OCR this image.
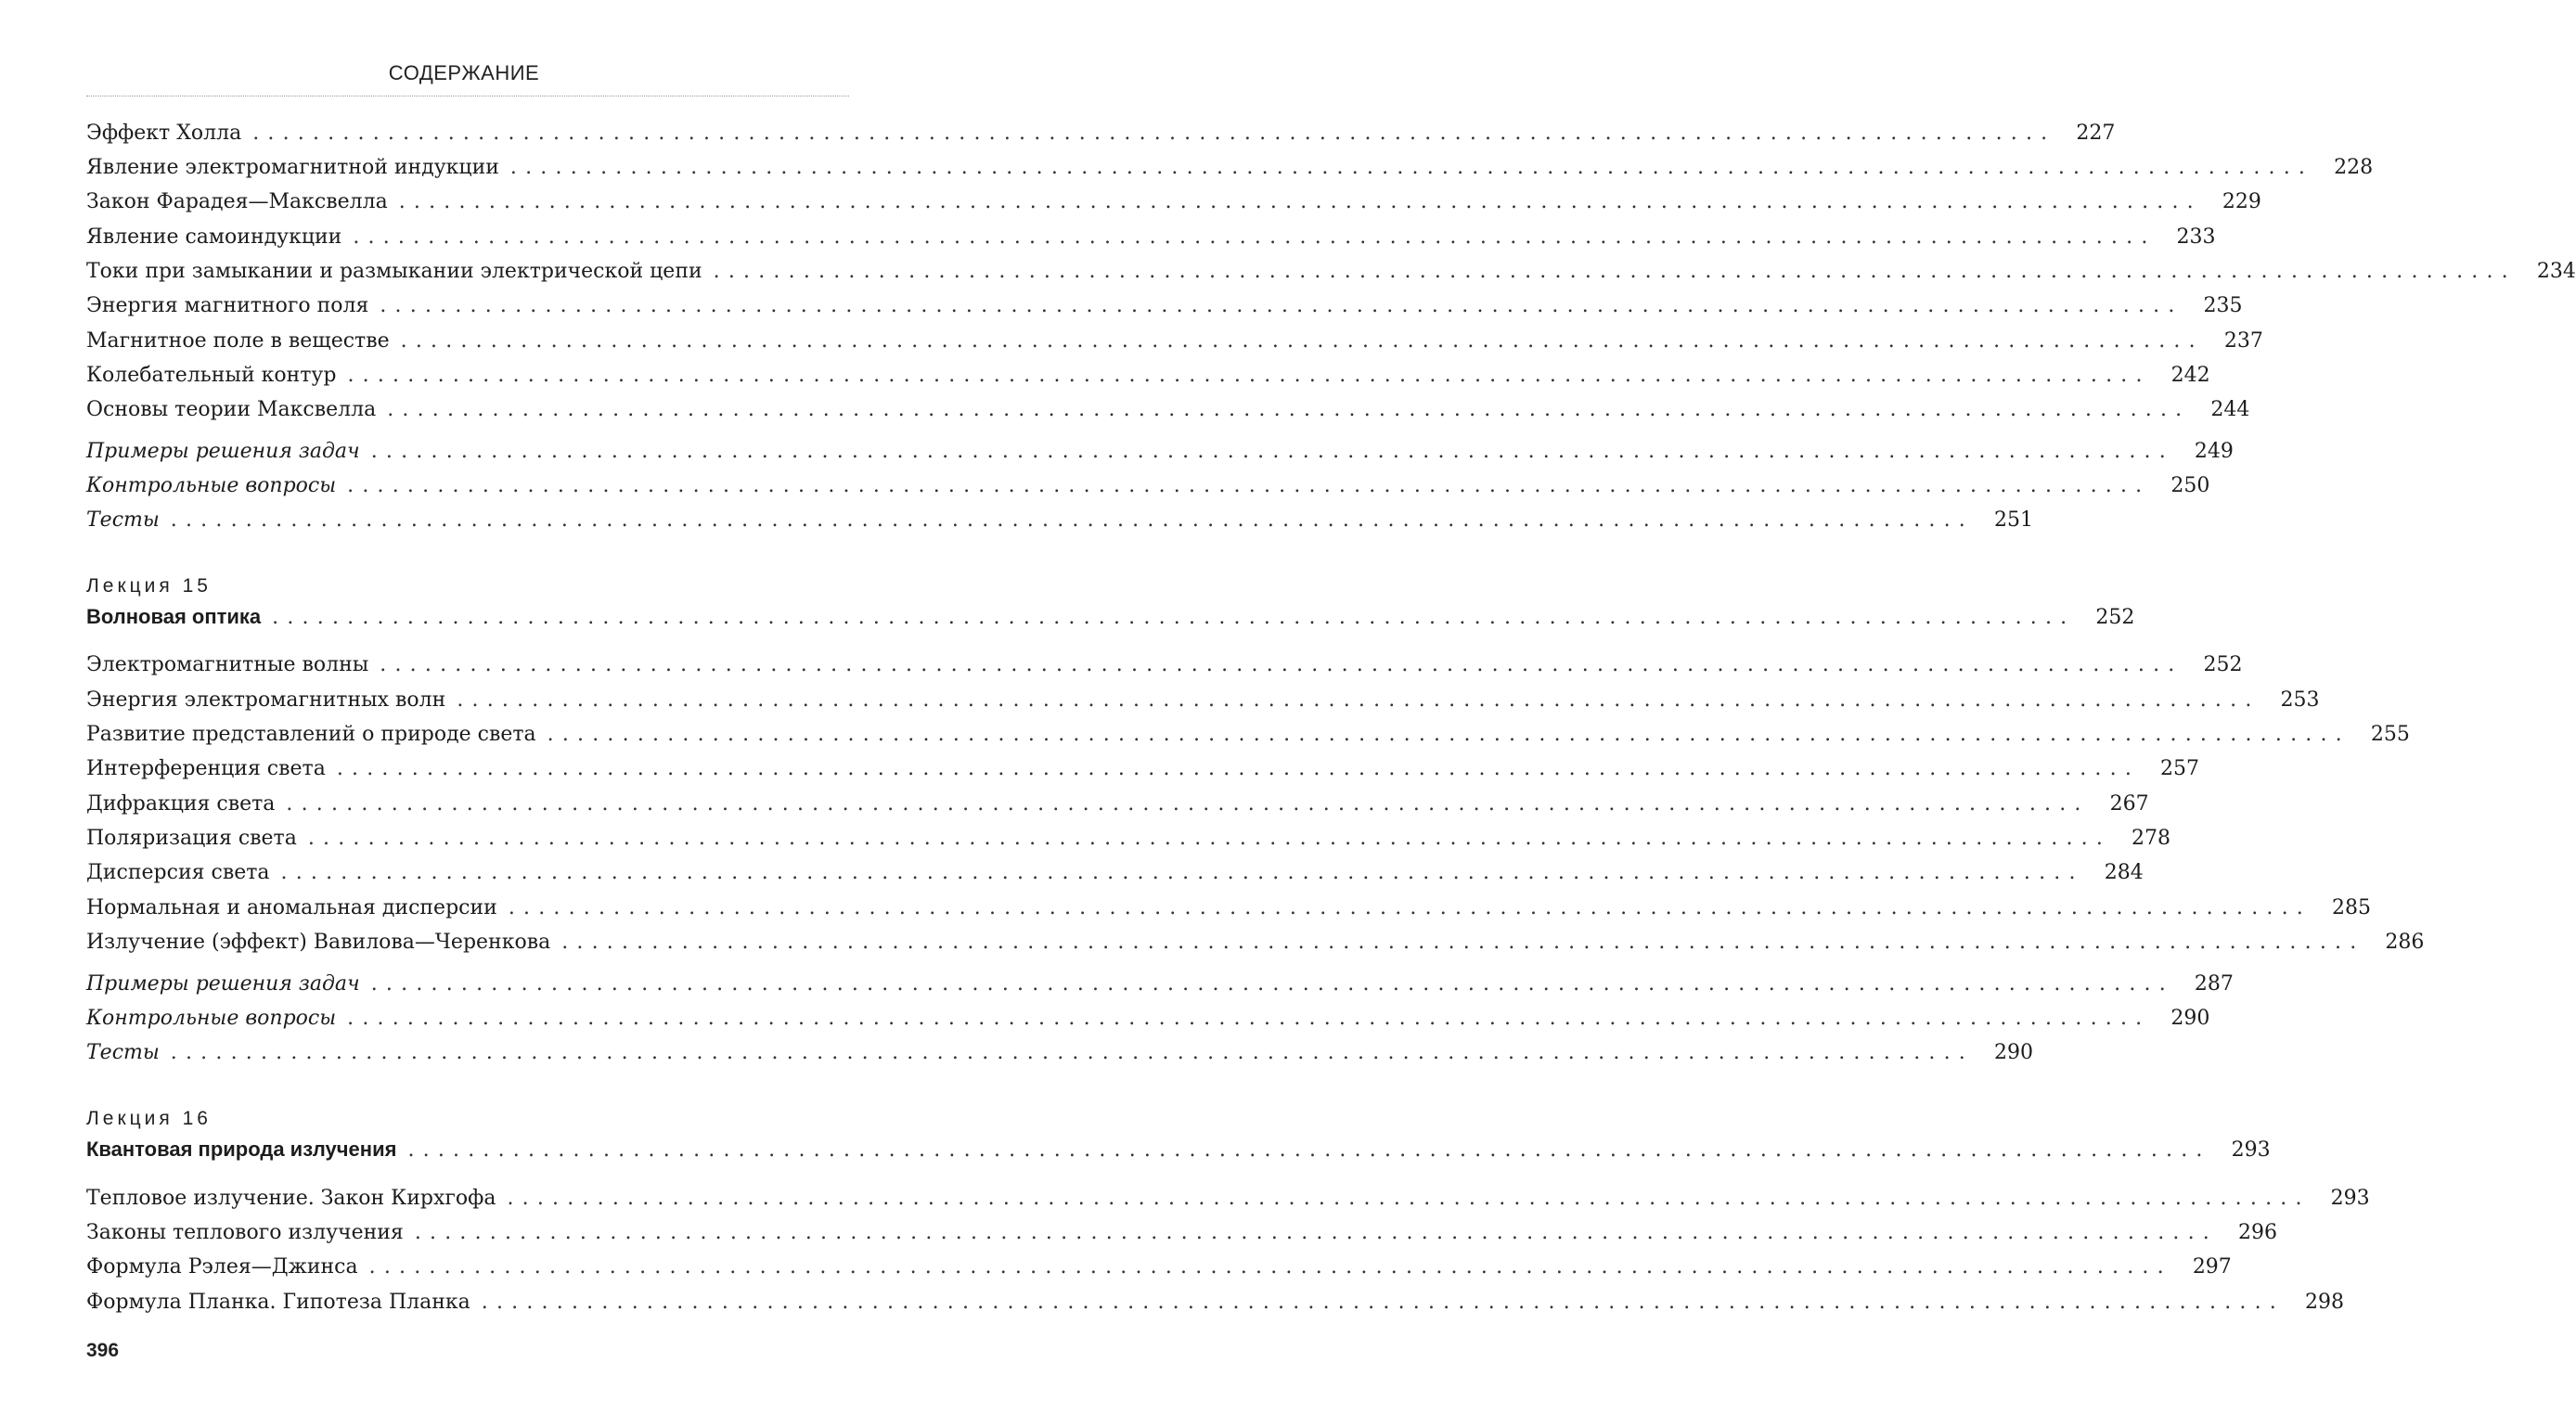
СОДЕРЖАНИЕ
Эффект Холла ........................................................................................................................	227
Явление электромагнитной индукции ........................................................................................................................	228
Закон Фарадея—Максвелла ........................................................................................................................	229
Явление самоиндукции ........................................................................................................................	233
Токи при замыкании и размыкании электрической цепи ........................................................................................................................	234
Энергия магнитного поля ........................................................................................................................	235
Магнитное поле в веществе ........................................................................................................................	237
Колебательный контур ........................................................................................................................	242
Основы теории Максвелла ........................................................................................................................	244
Примеры решения задач ........................................................................................................................	249
Контрольные вопросы ........................................................................................................................	250
Тесты ........................................................................................................................	251
Лекция 15
Волновая оптика ........................................................................................................................	252
Электромагнитные волны ........................................................................................................................	252
Энергия электромагнитных волн ........................................................................................................................	253
Развитие представлений о природе света ........................................................................................................................	255
Интерференция света ........................................................................................................................	257
Дифракция света ........................................................................................................................	267
Поляризация света ........................................................................................................................	278
Дисперсия света ........................................................................................................................	284
Нормальная и аномальная дисперсии ........................................................................................................................	285
Излучение (эффект) Вавилова—Черенкова ........................................................................................................................	286
Примеры решения задач ........................................................................................................................	287
Контрольные вопросы ........................................................................................................................	290
Тесты ........................................................................................................................	290
Лекция 16
Квантовая природа излучения ........................................................................................................................	293
Тепловое излучение. Закон Кирхгофа ........................................................................................................................	293
Законы теплового излучения ........................................................................................................................	296
Формула Рэлея—Джинса ........................................................................................................................	297
Формула Планка. Гипотеза Планка ........................................................................................................................	298
396
